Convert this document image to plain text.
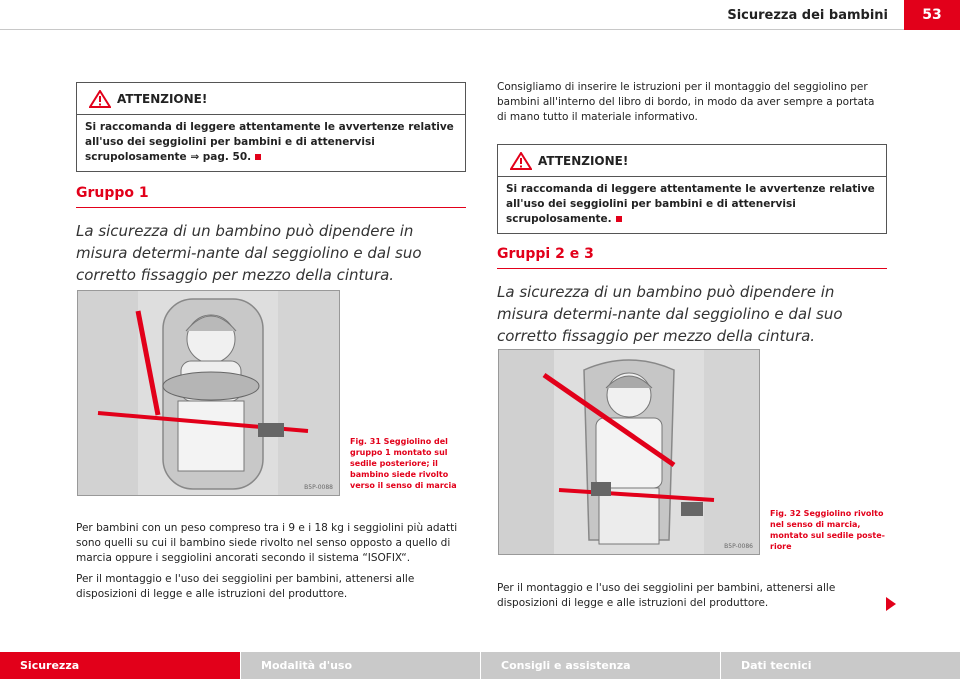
Sicurezza dei bambini	53
ATTENZIONE!
Si raccomanda di leggere attentamente le avvertenze relative all'uso dei seggiolini per bambini e di attenervisi scrupolosamente ⇒ pag. 50.
Gruppo 1
La sicurezza di un bambino può dipendere in misura determi-nante dal seggiolino e dal suo corretto fissaggio per mezzo della cintura.
B5P-0088
Fig. 31 Seggiolino del gruppo 1 montato sul sedile posteriore; il bambino siede rivolto verso il senso di marcia

Per bambini con un peso compreso tra i 9 e i 18 kg i seggiolini più adatti sono quelli su cui il bambino siede rivolto nel senso opposto a quello di marcia oppure i seggiolini ancorati secondo il sistema “ISOFIX“.

Per il montaggio e l'uso dei seggiolini per bambini, attenersi alle disposizioni di legge e alle istruzioni del produttore.

Consigliamo di inserire le istruzioni per il montaggio del seggiolino per bambini all'interno del libro di bordo, in modo da aver sempre a portata di mano tutto il materiale informativo.

ATTENZIONE!
Si raccomanda di leggere attentamente le avvertenze relative all'uso dei seggiolini per bambini e di attenervisi scrupolosamente.
Gruppi 2 e 3
La sicurezza di un bambino può dipendere in misura determi-nante dal seggiolino e dal suo corretto fissaggio per mezzo della cintura.
B5P-0086
Fig. 32 Seggiolino rivolto nel senso di marcia, montato sul sedile poste-riore

Per il montaggio e l'uso dei seggiolini per bambini, attenersi alle disposizioni di legge e alle istruzioni del produttore.

Sicurezza	Modalità d'uso	Consigli e assistenza	Dati tecnici
